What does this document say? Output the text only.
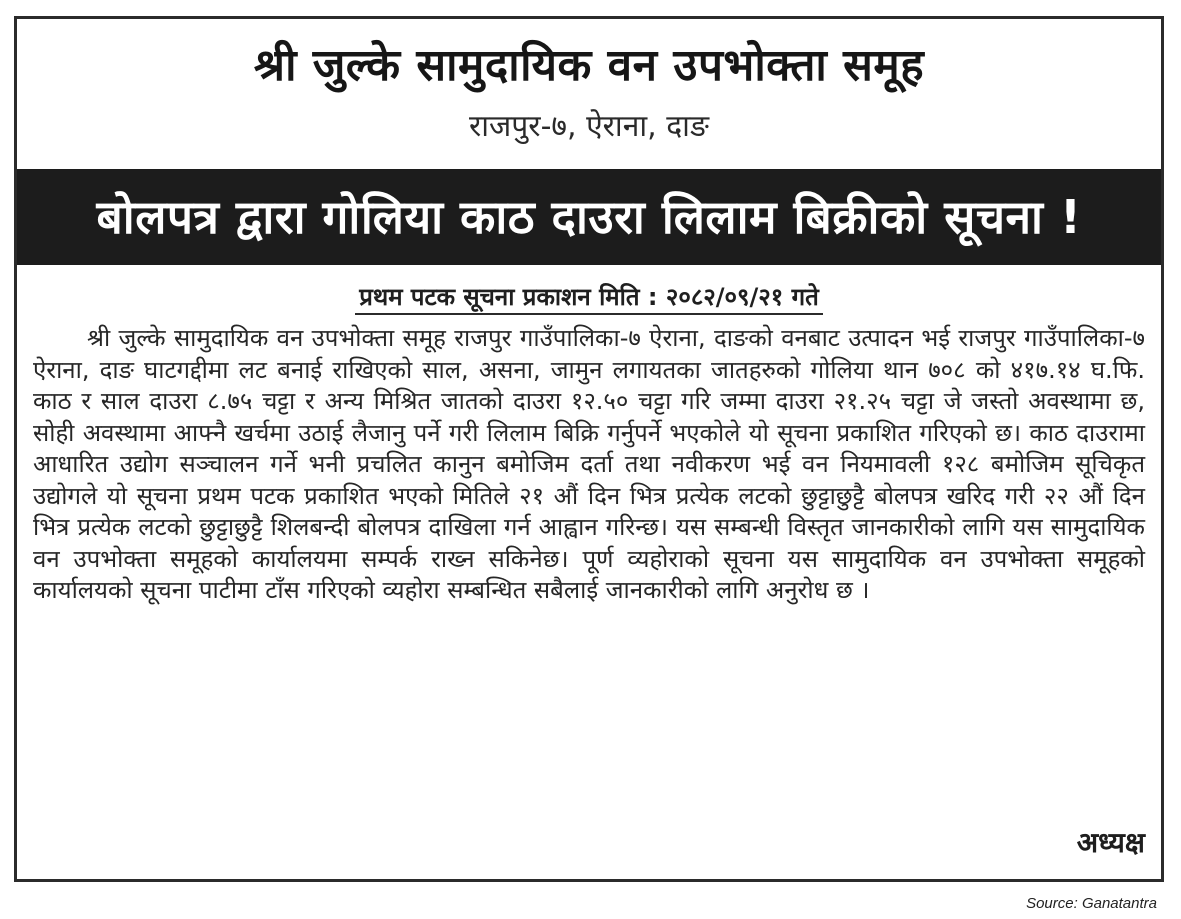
श्री जुल्के सामुदायिक वन उपभोक्ता समूह
राजपुर-७, ऐराना, दाङ
बोलपत्र द्वारा गोलिया काठ दाउरा लिलाम बिक्रीको सूचना !
प्रथम पटक सूचना प्रकाशन मिति : २०८२/०९/२१ गते
श्री जुल्के सामुदायिक वन उपभोक्ता समूह राजपुर गाउँपालिका-७ ऐराना, दाङको वनबाट उत्पादन भई राजपुर गाउँपालिका-७ ऐराना, दाङ घाटगद्दीमा लट बनाई राखिएको साल, असना, जामुन लगायतका जातहरुको गोलिया थान ७०८ को ४१७.१४ घ.फि. काठ र साल दाउरा ८.७५ चट्टा र अन्य मिश्रित जातको दाउरा १२.५० चट्टा गरि जम्मा दाउरा २१.२५ चट्टा जे जस्तो अवस्थामा छ, सोही अवस्थामा आफ्नै खर्चमा उठाई लैजानु पर्ने गरी लिलाम बिक्रि गर्नुपर्ने भएकोले यो सूचना प्रकाशित गरिएको छ। काठ दाउरामा आधारित उद्योग सञ्चालन गर्ने भनी प्रचलित कानुन बमोजिम दर्ता तथा नवीकरण भई वन नियमावली १२८ बमोजिम सूचिकृत उद्योगले यो सूचना प्रथम पटक प्रकाशित भएको मितिले २१ औं दिन भित्र प्रत्येक लटको छुट्टाछुट्टै बोलपत्र खरिद गरी २२ औं दिन भित्र प्रत्येक लटको छुट्टाछुट्टै शिलबन्दी बोलपत्र दाखिला गर्न आह्वान गरिन्छ। यस सम्बन्धी विस्तृत जानकारीको लागि यस सामुदायिक वन उपभोक्ता समूहको कार्यालयमा सम्पर्क राख्न सकिनेछ। पूर्ण व्यहोराको सूचना यस सामुदायिक वन उपभोक्ता समूहको कार्यालयको सूचना पाटीमा टाँस गरिएको व्यहोरा सम्बन्धित सबैलाई जानकारीको लागि अनुरोध छ ।
अध्यक्ष
Source: Ganatantra
